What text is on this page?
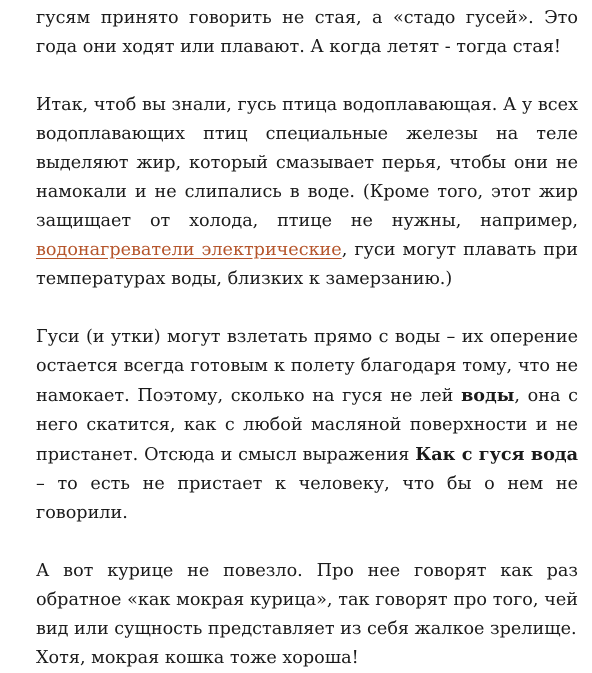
гусям принято говорить не стая, а «стадо гусей». Это года они ходят или плавают. А когда летят - тогда стая!

Итак, чтоб вы знали, гусь птица водоплавающая. А у всех водоплавающих птиц специальные железы на теле выделяют жир, который смазывает перья, чтобы они не намокали и не слипались в воде. (Кроме того, этот жир защищает от холода, птице не нужны, например, водонагреватели электрические, гуси могут плавать при температурах воды, близких к замерзанию.)

Гуси (и утки) могут взлетать прямо с воды – их оперение остается всегда готовым к полету благодаря тому, что не намокает. Поэтому, сколько на гуся не лей воды, она с него скатится, как с любой масляной поверхности и не пристанет. Отсюда и смысл выражения Как с гуся вода – то есть не пристает к человеку, что бы о нем не говорили.

А вот курице не повезло. Про нее говорят как раз обратное «как мокрая курица», так говорят про того, чей вид или сущность представляет из себя жалкое зрелище.

Хотя, мокрая кошка тоже хороша!
